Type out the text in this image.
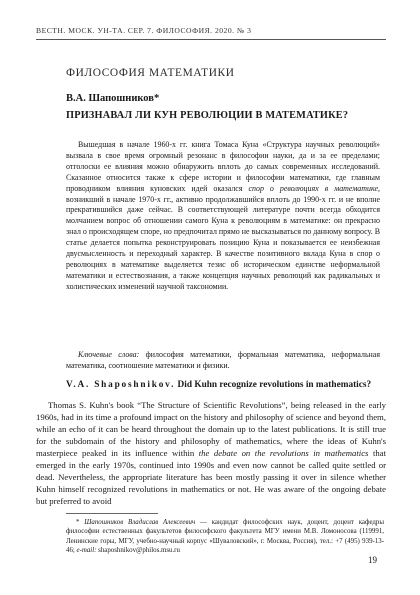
ВЕСТН. МОСК. УН-ТА. СЕР. 7. ФИЛОСОФИЯ. 2020. № 3
ФИЛОСОФИЯ МАТЕМАТИКИ
В.А. Шапошников*
ПРИЗНАВАЛ ЛИ КУН РЕВОЛЮЦИИ В МАТЕМАТИКЕ?

Вышедшая в начале 1960-х гг. книга Томаса Куна «Структура научных революций» вызвала в свое время огромный резонанс в философии науки, да и за ее пределами; отголоски ее влияния можно обнаружить вплоть до самых современных исследований. Сказанное относится также к сфере истории и философии математики, где главным проводником влияния куновских идей оказался спор о революциях в математике, возникший в начале 1970-х гг., активно продолжавшийся вплоть до 1990-х гг. и не вполне прекратившийся даже сейчас. В соответствующей литературе почти всегда обходится молчанием вопрос об отношении самого Куна к революциям в математике: он прекрасно знал о происходящем споре, но предпочитал прямо не высказываться по данному вопросу. В статье делается попытка реконструировать позицию Куна и показывается ее неизбежная двусмысленность и переходный характер. В качестве позитивного вклада Куна в спор о революциях в математике выделяется тезис об историческом единстве неформальной математики и естествознания, а также концепция научных революций как радикальных и холистических изменений научной таксономии.

Ключевые слова: философия математики, формальная математика, неформальная математика, соотношение математики и физики.

V.A. Shaposhnikov. Did Kuhn recognize revolutions in mathematics?

Thomas S. Kuhn's book “The Structure of Scientific Revolutions”, being released in the early 1960s, had in its time a profound impact on the history and philosophy of science and beyond them, while an echo of it can be heard throughout the domain up to the latest publications. It is still true for the subdomain of the history and philosophy of mathematics, where the ideas of Kuhn's masterpiece peaked in its influence within the debate on the revolutions in mathematics that emerged in the early 1970s, continued into 1990s and even now cannot be called quite settled or dead. Nevertheless, the appropriate literature has been mostly passing it over in silence whether Kuhn himself recognized revolutions in mathematics or not. He was aware of the ongoing debate but preferred to avoid

* Шапошников Владислав Алексеевич — кандидат философских наук, доцент, доцент кафедры философии естественных факультетов философского факультета МГУ имени М.В. Ломоносова (119991, Ленинские горы, МГУ, учебно-научный корпус «Шуваловский», г. Москва, Россия), тел.: +7 (495) 939-13-46; e-mail: shaposhnikov@philos.msu.ru

19
